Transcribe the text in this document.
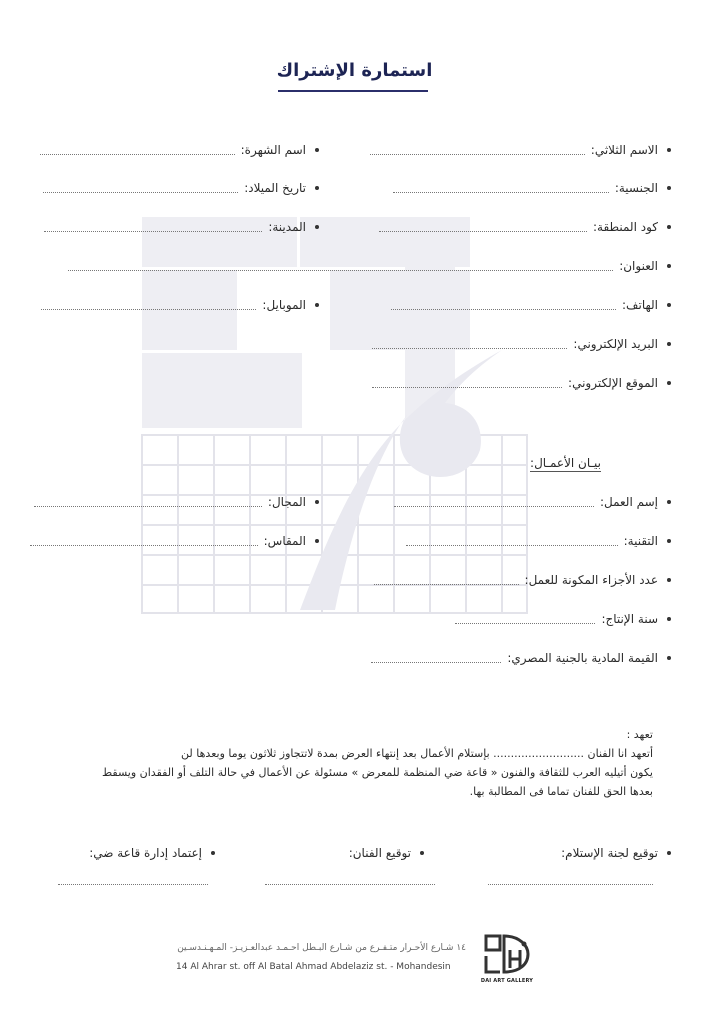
استمارة الإشتراك
الاسم الثلاثي:
الجنسية:
كود المنطقة:
العنوان:
الهاتف:
البريد الإلكتروني:
الموقع الإلكتروني:
اسم الشهرة:
تاريخ الميلاد:
المدينة:
الموبايل:
بيـان الأعمـال:
إسم العمل:
التقنية:
عدد الأجزاء المكونة للعمل:
سنة الإنتاج:
القيمة المادية بالجنية المصري:
المجال:
المقاس:

تعهد :

أتعهد انا الفنان .......................... بإستلام الأعمال بعد إنتهاء العرض بمدة لاتتجاوز ثلاثون يوما وبعدها لن

يكون أتيليه العرب للثقافة والفنون « قاعة ضي المنظمة للمعرض » مسئولة عن الأعمال في حالة التلف أو الفقدان ويسقط

بعدها الحق للفنان تماما فى المطالبة بها.

توقيع لجنة الإستلام:
توقيع الفنان:
إعتماد إدارة قاعة ضي:
١٤ شـارع الأحـرار متـفـرع من شـارع البـطل احـمـد عبدالعـزيـز- المـهـنـدسـين
14 Al Ahrar st. off Al Batal Ahmad Abdelaziz st. - Mohandesin
DAI ART GALLERY
